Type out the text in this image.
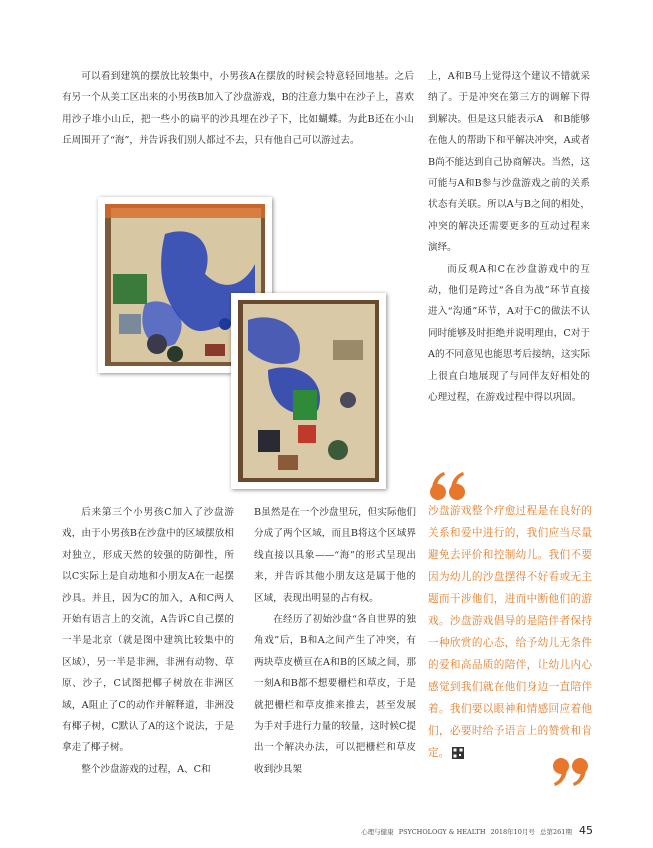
可以看到建筑的摆放比较集中，小男孩A在摆放的时候会特意轻回地基。之后有另一个从美工区出来的小男孩B加入了沙盘游戏，B的注意力集中在沙子上，喜欢用沙子堆小山丘，把一些小的扁平的沙具埋在沙子下，比如蝴蝶。为此B还在小山丘周围开了“海”，并告诉我们别人都过不去，只有他自己可以游过去。

上，A和B马上觉得这个建议不错就采纳了。于是冲突在第三方的调解下得到解决。但是这只能表示A　和B能够在他人的帮助下和平解决冲突，A或者B尚不能达到自己协商解决。当然，这可能与A和B参与沙盘游戏之前的关系状态有关联。所以A与B之间的相处，冲突的解决还需要更多的互动过程来演绎。

而反观A和C在沙盘游戏中的互动，他们是跨过“各自为战”环节直接进入“沟通”环节，A对于C的做法不认同时能够及时拒绝并说明理由，C对于A的不同意见也能思考后接纳，这实际上很直白地展现了与同伴友好相处的心理过程，在游戏过程中得以巩固。

后来第三个小男孩C加入了沙盘游戏，由于小男孩B在沙盘中的区域摆放相对独立，形成天然的较强的防御性，所以C实际上是自动地和小朋友A在一起摆沙具。并且，因为C的加入，A和C两人开始有语言上的交流，A告诉C自己摆的一半是北京（就是图中建筑比较集中的区域），另一半是非洲，非洲有动物、草原、沙子，C试图把椰子树放在非洲区域，A阻止了C的动作并解释道，非洲没有椰子树，C默认了A的这个说法，于是拿走了椰子树。

整个沙盘游戏的过程，A、C和

B虽然是在一个沙盘里玩，但实际他们分成了两个区域，而且B将这个区域界线直接以具象——“海”的形式呈现出来，并告诉其他小朋友这是属于他的区域，表现出明显的占有权。

在经历了初始沙盘“各自世界的独角戏”后，B和A之间产生了冲突，有两块草皮横亘在A和B的区域之间，那一刻A和B都不想要栅栏和草皮，于是就把栅栏和草皮推来推去，甚至发展为手对手进行力量的较量，这时候C提出一个解决办法，可以把栅栏和草皮收到沙具架

沙盘游戏整个疗愈过程是在良好的关系和爱中进行的，我们应当尽量避免去评价和控制幼儿。我们不要因为幼儿的沙盘摆得不好看或无主题而干涉他们，进而中断他们的游戏。沙盘游戏倡导的是陪伴者保持一种欣赏的心态，给予幼儿无条件的爱和高品质的陪伴，让幼儿内心感觉到我们就在他们身边一直陪伴着。我们要以眼神和情感回应着他们，必要时给予语言上的赞赏和肯定。

心理与健康 PSYCHOLOGY & HEALTH 2018年10月号 总第261期 45
